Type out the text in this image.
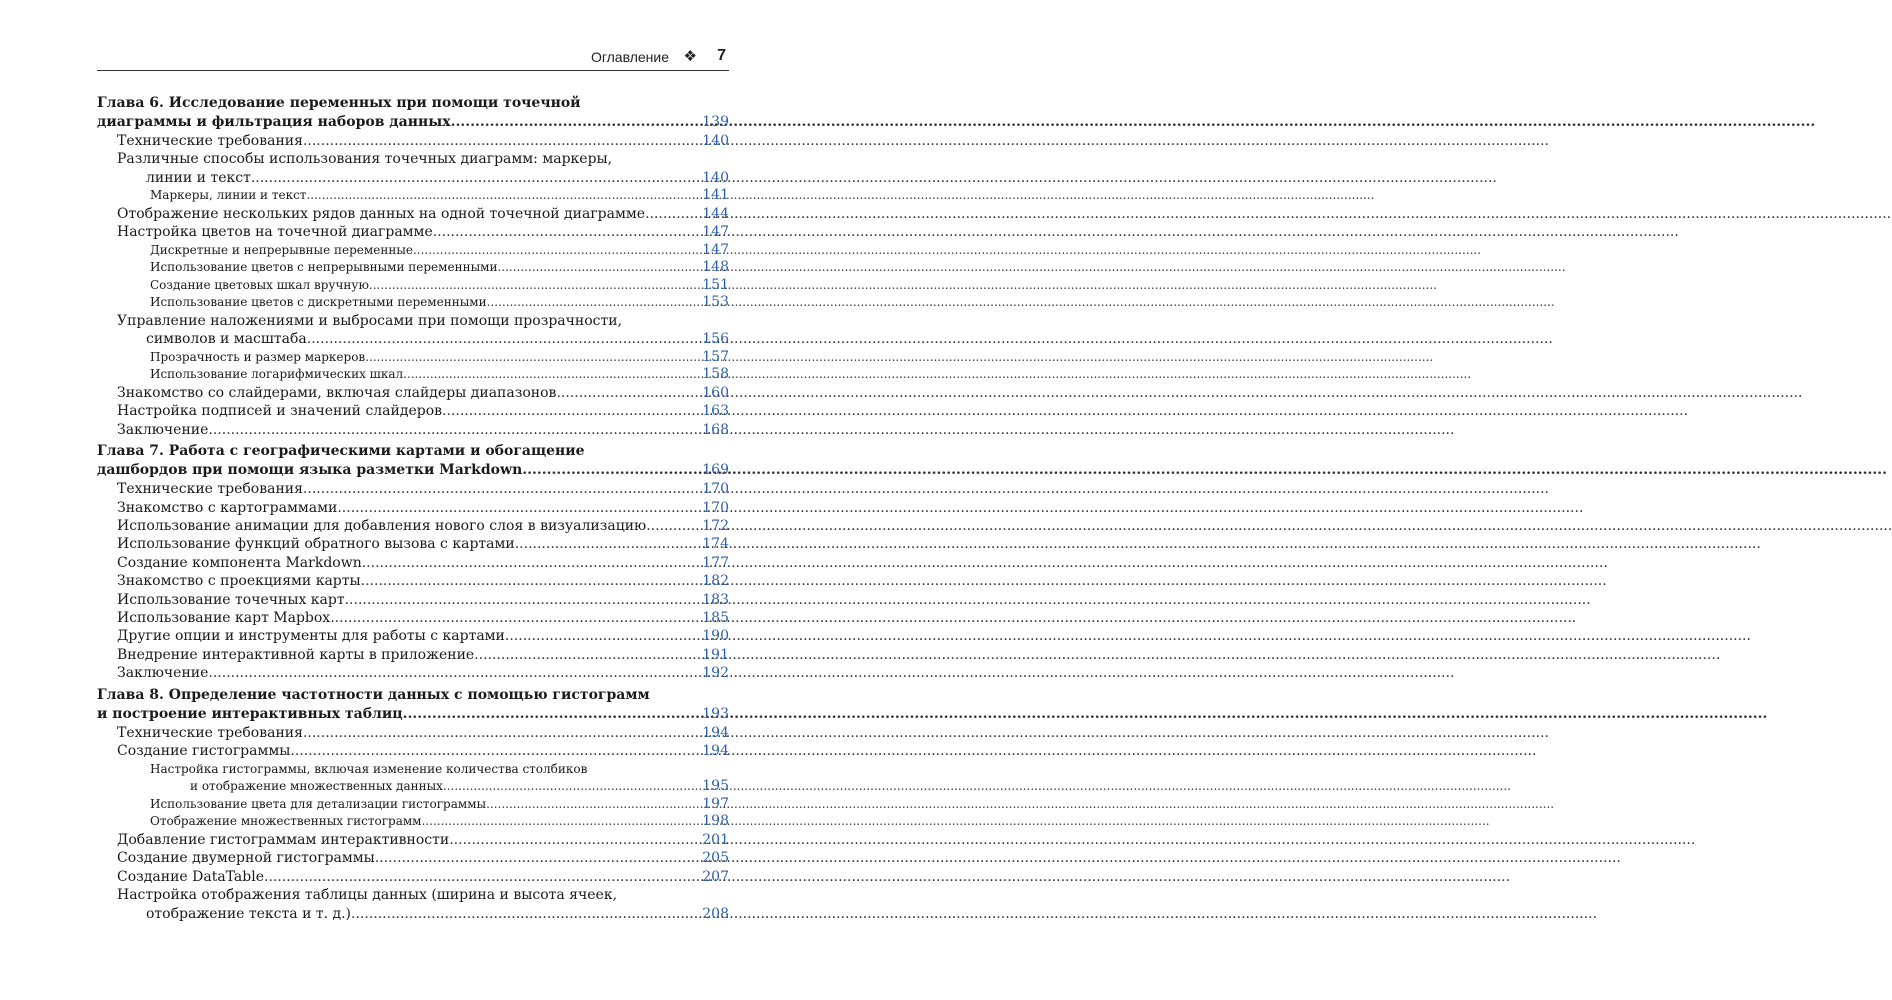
Оглавление ❖ 7
Глава 6. Исследование переменных при помощи точечной
диаграммы и фильтрация наборов данных .....	139
Технические требования .....	140
Различные способы использования точечных диаграмм: маркеры,
линии и текст .....	140
Маркеры, линии и текст .....	141
Отображение нескольких рядов данных на одной точечной диаграмме .....	144
Настройка цветов на точечной диаграмме .....	147
Дискретные и непрерывные переменные .....	147
Использование цветов с непрерывными переменными .....	148
Создание цветовых шкал вручную .....	151
Использование цветов с дискретными переменными .....	153
Управление наложениями и выбросами при помощи прозрачности,
символов и масштаба .....	156
Прозрачность и размер маркеров .....	157
Использование логарифмических шкал .....	158
Знакомство со слайдерами, включая слайдеры диапазонов .....	160
Настройка подписей и значений слайдеров .....	163
Заключение .....	168
Глава 7. Работа с географическими картами и обогащение
дашбордов при помощи языка разметки Markdown .....	169
Технические требования .....	170
Знакомство с картограммами .....	170
Использование анимации для добавления нового слоя в визуализацию .....	172
Использование функций обратного вызова с картами .....	174
Создание компонента Markdown .....	177
Знакомство с проекциями карты .....	182
Использование точечных карт .....	183
Использование карт Mapbox .....	185
Другие опции и инструменты для работы с картами .....	190
Внедрение интерактивной карты в приложение .....	191
Заключение .....	192
Глава 8. Определение частотности данных с помощью гистограмм
и построение интерактивных таблиц .....	193
Технические требования .....	194
Создание гистограммы .....	194
Настройка гистограммы, включая изменение количества столбиков
и отображение множественных данных .....	195
Использование цвета для детализации гистограммы .....	197
Отображение множественных гистограмм .....	198
Добавление гистограммам интерактивности .....	201
Создание двумерной гистограммы .....	205
Создание DataTable .....	207
Настройка отображения таблицы данных (ширина и высота ячеек,
отображение текста и т. д.) .....	208
